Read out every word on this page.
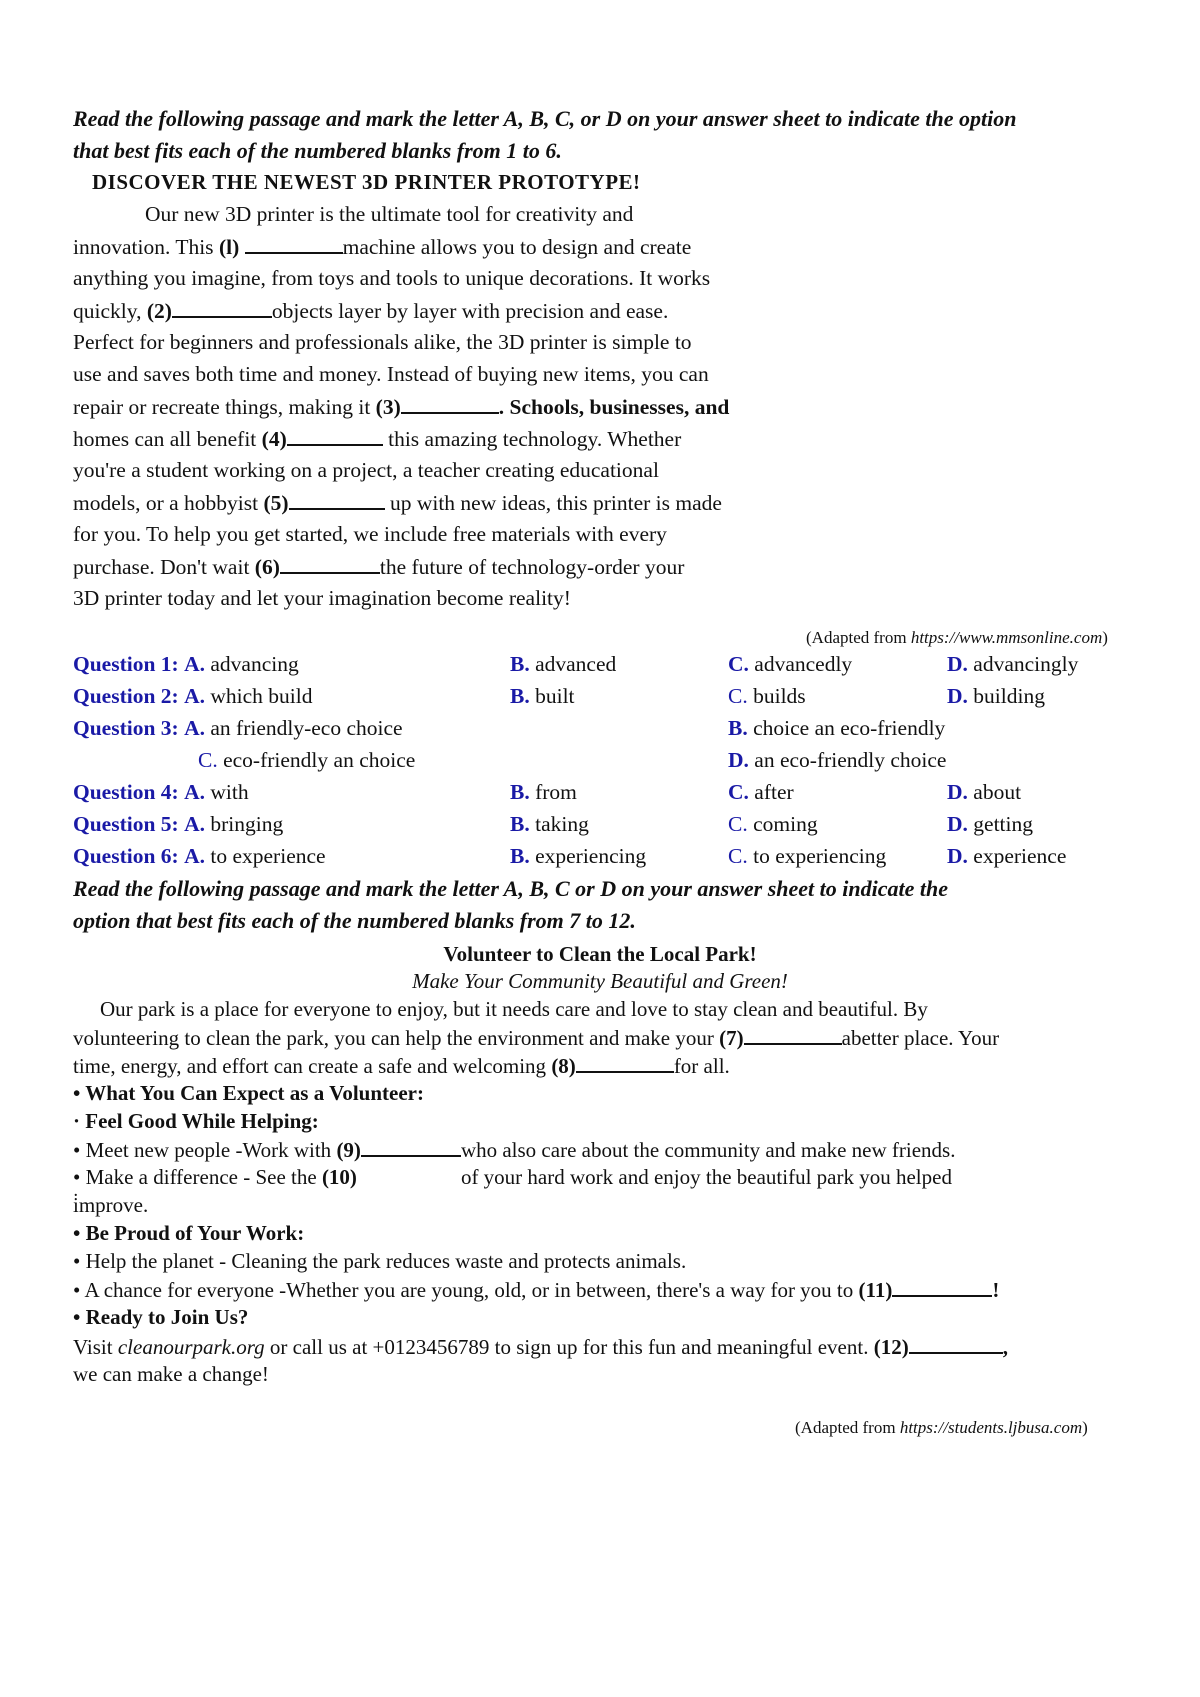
Read the following passage and mark the letter A, B, C, or D on your answer sheet to indicate the option
that best fits each of the numbered blanks from 1 to 6.
DISCOVER THE NEWEST 3D PRINTER PROTOTYPE!
Our new 3D printer is the ultimate tool for creativity and
innovation. This (l)	machine allows you to design and create
anything you imagine, from toys and tools to unique decorations. It works
quickly, (2)	objects layer by layer with precision and ease.
Perfect for beginners and professionals alike, the 3D printer is simple to
use and saves both time and money. Instead of buying new items, you can
repair or recreate things, making it (3)	. Schools, businesses, and
homes can all benefit (4)	this amazing technology. Whether
you're a student working on a project, a teacher creating educational
models, or a hobbyist (5)	up with new ideas, this printer is made
for you. To help you get started, we include free materials with every
purchase. Don't wait (6)	the future of technology-order your
3D printer today and let your imagination become reality!
(Adapted from https://www.mmsonline.com)
Question 1: A. advancing	B. advanced	C. advancedly	D. advancingly
Question 2: A. which build	B. built	C. builds	D. building
Question 3: A. an friendly-eco choice	B. choice an eco-friendly
C. eco-friendly an choice	D. an eco-friendly choice
Question 4: A. with	B. from	C. after	D. about
Question 5: A. bringing	B. taking	C. coming	D. getting
Question 6: A. to experience	B. experiencing	C. to experiencing	D. experience
Read the following passage and mark the letter A, B, C or D on your answer sheet to indicate the
option that best fits each of the numbered blanks from 7 to 12.
Volunteer to Clean the Local Park!
Make Your Community Beautiful and Green!
Our park is a place for everyone to enjoy, but it needs care and love to stay clean and beautiful. By
volunteering to clean the park, you can help the environment and make your (7)	abetter place. Your
time, energy, and effort can create a safe and welcoming (8)	for all.
• What You Can Expect as a Volunteer:
· Feel Good While Helping:
• Meet new people -Work with (9)	who also care about the community and make new friends.
• Make a difference - See the (10)	of your hard work and enjoy the beautiful park you helped
i̇mprove.
• Be Proud of Your Work:
• Help the planet - Cleaning the park reduces waste and protects animals.
• A chance for everyone -Whether you are young, old, or in between, there's a way for you to (11)	!
• Ready to Join Us?
Visit cleanourpark.org or call us at +0123456789 to sign up for this fun and meaningful event. (12)	,
we can make a change!
(Adapted from https://students.ljbusa.com)
